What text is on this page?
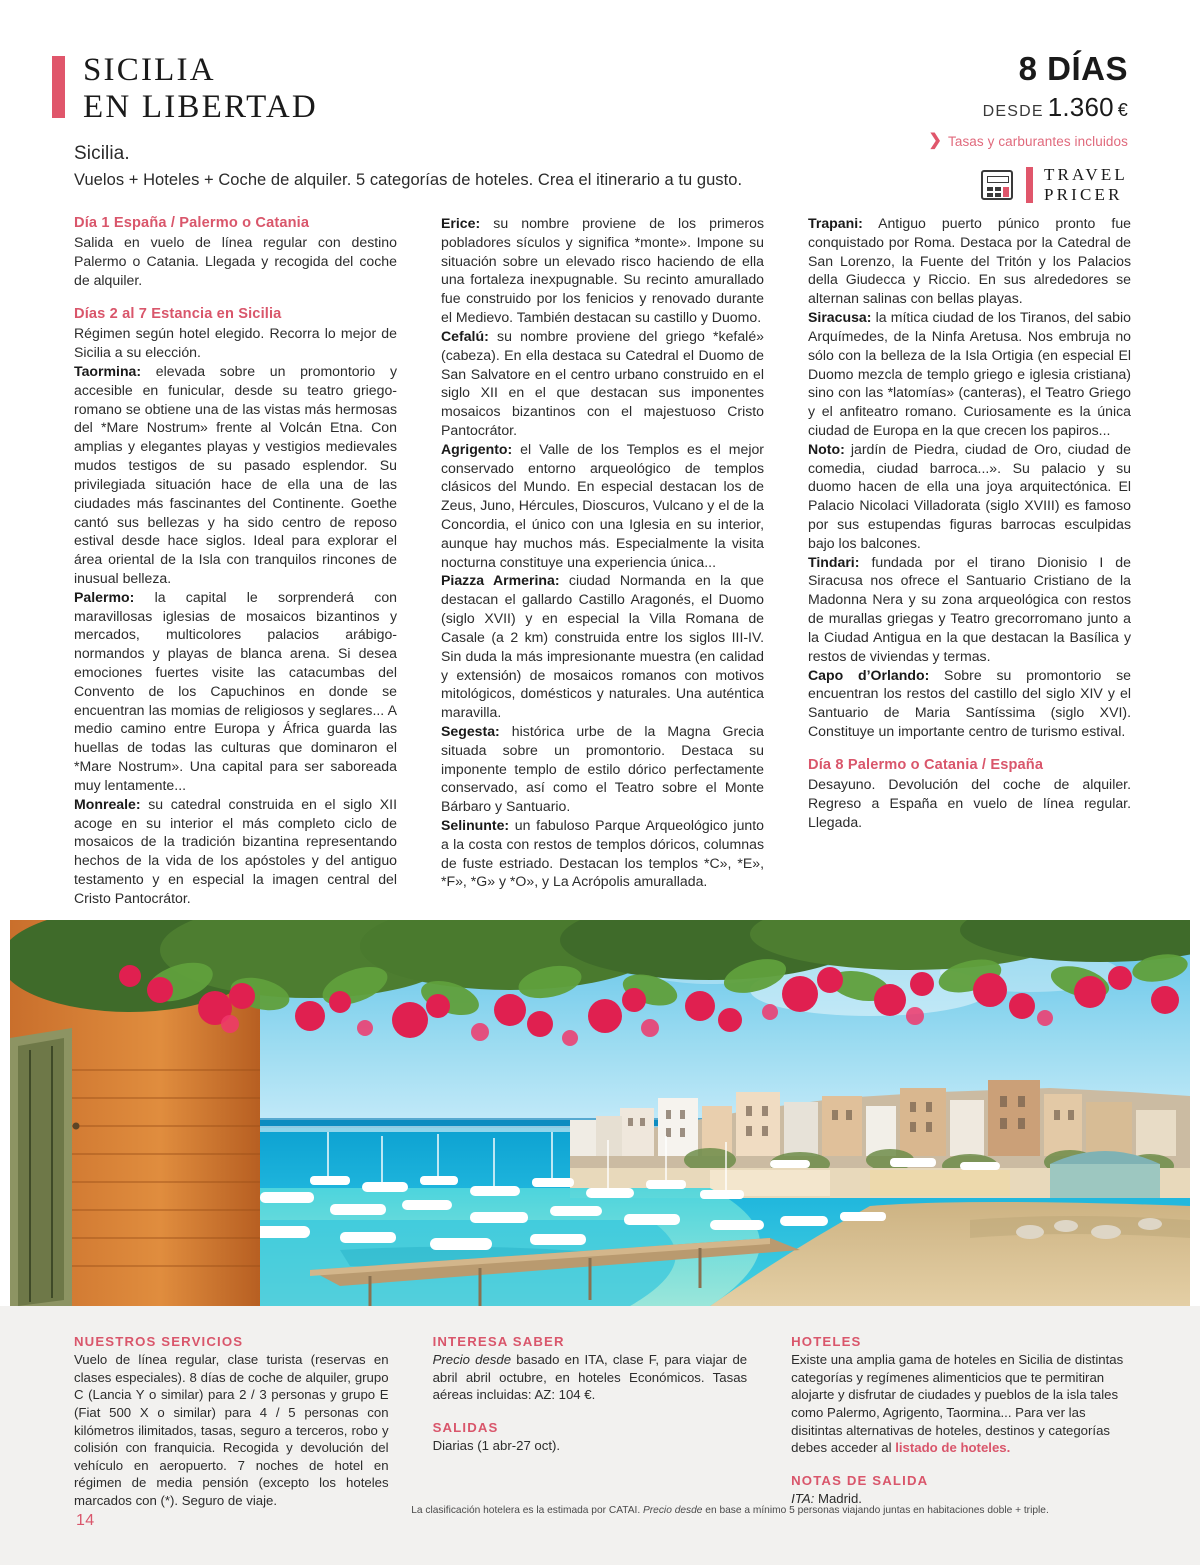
SICILIA
EN LIBERTAD
Sicilia.
Vuelos + Hoteles + Coche de alquiler. 5 categorías de hoteles. Crea el itinerario a tu gusto.
8 DÍAS
DESDE 1.360 €
❯ Tasas y carburantes incluidos
TRAVEL
PRICER

Día 1 España / Palermo o Catania

Salida en vuelo de línea regular con destino Palermo o Catania. Llegada y recogida del coche de alquiler.

Días 2 al 7 Estancia en Sicilia

Régimen según hotel elegido. Recorra lo mejor de Sicilia a su elección.

Taormina: elevada sobre un promontorio y accesible en funicular, desde su teatro griego-romano se obtiene una de las vistas más hermosas del *Mare Nostrum» frente al Volcán Etna. Con amplias y elegantes playas y vestigios medievales mudos testigos de su pasado esplendor. Su privilegiada situación hace de ella una de las ciudades más fascinantes del Continente. Goethe cantó sus bellezas y ha sido centro de reposo estival desde hace siglos. Ideal para explorar el área oriental de la Isla con tranquilos rincones de inusual belleza.

Palermo: la capital le sorprenderá con maravillosas iglesias de mosaicos bizantinos y mercados, multicolores palacios arábigo-normandos y playas de blanca arena. Si desea emociones fuertes visite las catacumbas del Convento de los Capuchinos en donde se encuentran las momias de religiosos y seglares... A medio camino entre Europa y África guarda las huellas de todas las culturas que dominaron el *Mare Nostrum». Una capital para ser saboreada muy lentamente...

Monreale: su catedral construida en el siglo XII acoge en su interior el más completo ciclo de mosaicos de la tradición bizantina representando hechos de la vida de los apóstoles y del antiguo testamento y en especial la imagen central del Cristo Pantocrátor.

Erice: su nombre proviene de los primeros pobladores sículos y significa *monte». Impone su situación sobre un elevado risco haciendo de ella una fortaleza inexpugnable. Su recinto amurallado fue construido por los fenicios y renovado durante el Medievo. También destacan su castillo y Duomo.

Cefalú: su nombre proviene del griego *kefalé» (cabeza). En ella destaca su Catedral el Duomo de San Salvatore en el centro urbano construido en el siglo XII en el que destacan sus imponentes mosaicos bizantinos con el majestuoso Cristo Pantocrátor.

Agrigento: el Valle de los Templos es el mejor conservado entorno arqueológico de templos clásicos del Mundo. En especial destacan los de Zeus, Juno, Hércules, Dioscuros, Vulcano y el de la Concordia, el único con una Iglesia en su interior, aunque hay muchos más. Especialmente la visita nocturna constituye una experiencia única...

Piazza Armerina: ciudad Normanda en la que destacan el gallardo Castillo Aragonés, el Duomo (siglo XVII) y en especial la Villa Romana de Casale (a 2 km) construida entre los siglos III-IV. Sin duda la más impresionante muestra (en calidad y extensión) de mosaicos romanos con motivos mitológicos, domésticos y naturales. Una auténtica maravilla.

Segesta: histórica urbe de la Magna Grecia situada sobre un promontorio. Destaca su imponente templo de estilo dórico perfectamente conservado, así como el Teatro sobre el Monte Bárbaro y Santuario.

Selinunte: un fabuloso Parque Arqueológico junto a la costa con restos de templos dóricos, columnas de fuste estriado. Destacan los templos *C», *E», *F», *G» y *O», y La Acrópolis amurallada.

Trapani: Antiguo puerto púnico pronto fue conquistado por Roma. Destaca por la Catedral de San Lorenzo, la Fuente del Tritón y los Palacios della Giudecca y Riccio. En sus alrededores se alternan salinas con bellas playas.

Siracusa: la mítica ciudad de los Tiranos, del sabio Arquímedes, de la Ninfa Aretusa. Nos embruja no sólo con la belleza de la Isla Ortigia (en especial El Duomo mezcla de templo griego e iglesia cristiana) sino con las *latomías» (canteras), el Teatro Griego y el anfiteatro romano. Curiosamente es la única ciudad de Europa en la que crecen los papiros...

Noto: jardín de Piedra, ciudad de Oro, ciudad de comedia, ciudad barroca...». Su palacio y su duomo hacen de ella una joya arquitectónica. El Palacio Nicolaci Villadorata (siglo XVIII) es famoso por sus estupendas figuras barrocas esculpidas bajo los balcones.

Tindari: fundada por el tirano Dionisio I de Siracusa nos ofrece el Santuario Cristiano de la Madonna Nera y su zona arqueológica con restos de murallas griegas y Teatro grecorromano junto a la Ciudad Antigua en la que destacan la Basílica y restos de viviendas y termas.

Capo d’Orlando: Sobre su promontorio se encuentran los restos del castillo del siglo XIV y el Santuario de Maria Santíssima (siglo XVI). Constituye un importante centro de turismo estival.

Día 8 Palermo o Catania / España

Desayuno. Devolución del coche de alquiler. Regreso a España en vuelo de línea regular. Llegada.

NUESTROS SERVICIOS
Vuelo de línea regular, clase turista (reservas en clases especiales). 8 días de coche de alquiler, grupo C (Lancia Y o similar) para 2 / 3 personas y grupo E (Fiat 500 X o similar) para 4 / 5 personas con kilómetros ilimitados, tasas, seguro a terceros, robo y colisión con franquicia. Recogida y devolución del vehículo en aeropuerto. 7 noches de hotel en régimen de media pensión (excepto los hoteles marcados con (*). Seguro de viaje.
INTERESA SABER
Precio desde basado en ITA, clase F, para viajar de abril abril octubre, en hoteles Económicos. Tasas aéreas incluidas: AZ: 104 €.
SALIDAS
Diarias (1 abr-27 oct).
HOTELES
Existe una amplia gama de hoteles en Sicilia de distintas categorías y regímenes alimenticios que te permitiran alojarte y disfrutar de ciudades y pueblos de la isla tales como Palermo, Agrigento, Taormina... Para ver las disitintas alternativas de hoteles, destinos y categorías debes acceder al listado de hoteles.
NOTAS DE SALIDA
ITA: Madrid.
14
La clasificación hotelera es la estimada por CATAI. Precio desde en base a mínimo 5 personas viajando juntas en habitaciones doble + triple.
